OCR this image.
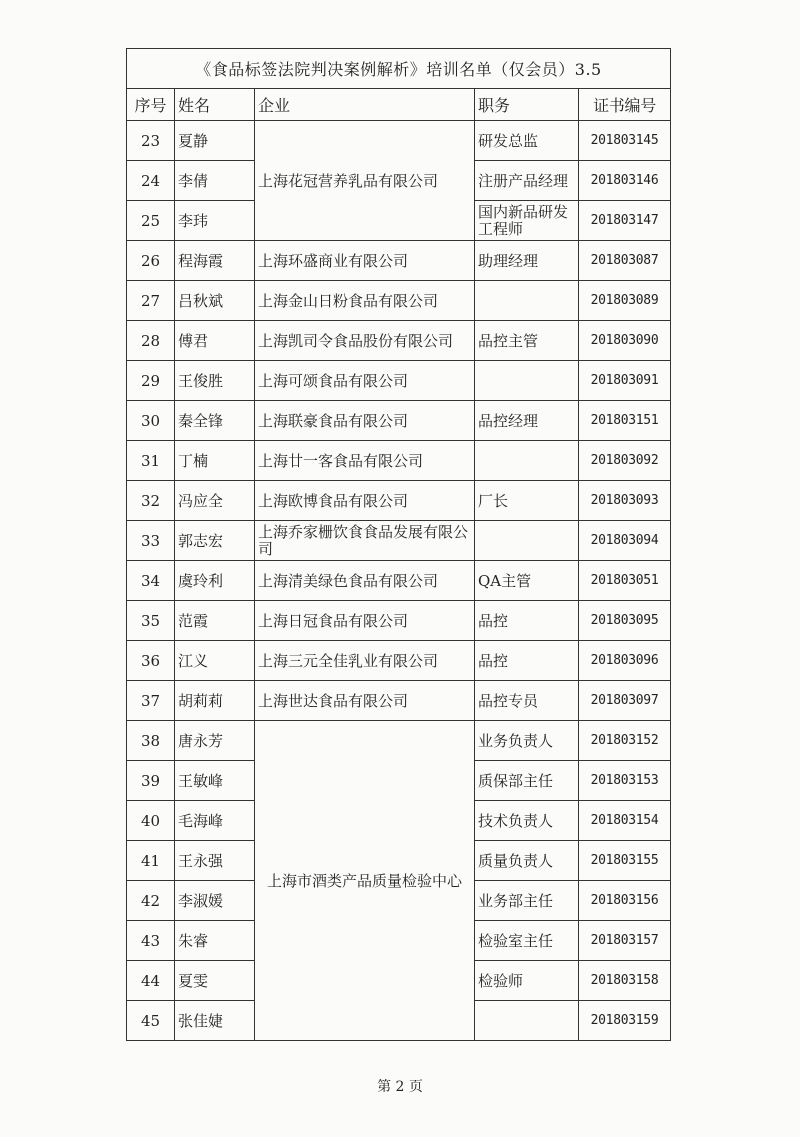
《食品标签法院判决案例解析》培训名单（仅会员）3.5				
序号	姓名	企业	职务	证书编号
23	夏静	上海花冠营养乳品有限公司	研发总监	201803145
24	李倩		注册产品经理	201803146
25	李玮		国内新品研发工程师	201803147
26	程海霞	上海环盛商业有限公司	助理经理	201803087
27	吕秋斌	上海金山日粉食品有限公司		201803089
28	傅君	上海凯司令食品股份有限公司	品控主管	201803090
29	王俊胜	上海可颂食品有限公司		201803091
30	秦全锋	上海联豪食品有限公司	品控经理	201803151
31	丁楠	上海廿一客食品有限公司		201803092
32	冯应全	上海欧博食品有限公司	厂长	201803093
33	郭志宏	上海乔家栅饮食食品发展有限公司		201803094
34	虞玲利	上海清美绿色食品有限公司	QA主管	201803051
35	范霞	上海日冠食品有限公司	品控	201803095
36	江义	上海三元全佳乳业有限公司	品控	201803096
37	胡莉莉	上海世达食品有限公司	品控专员	201803097
38	唐永芳	上海市酒类产品质量检验中心	业务负责人	201803152
39	王敏峰		质保部主任	201803153
40	毛海峰		技术负责人	201803154
41	王永强		质量负责人	201803155
42	李淑媛		业务部主任	201803156
43	朱睿		检验室主任	201803157
44	夏雯		检验师	201803158
45	张佳婕			201803159
第 2 页
